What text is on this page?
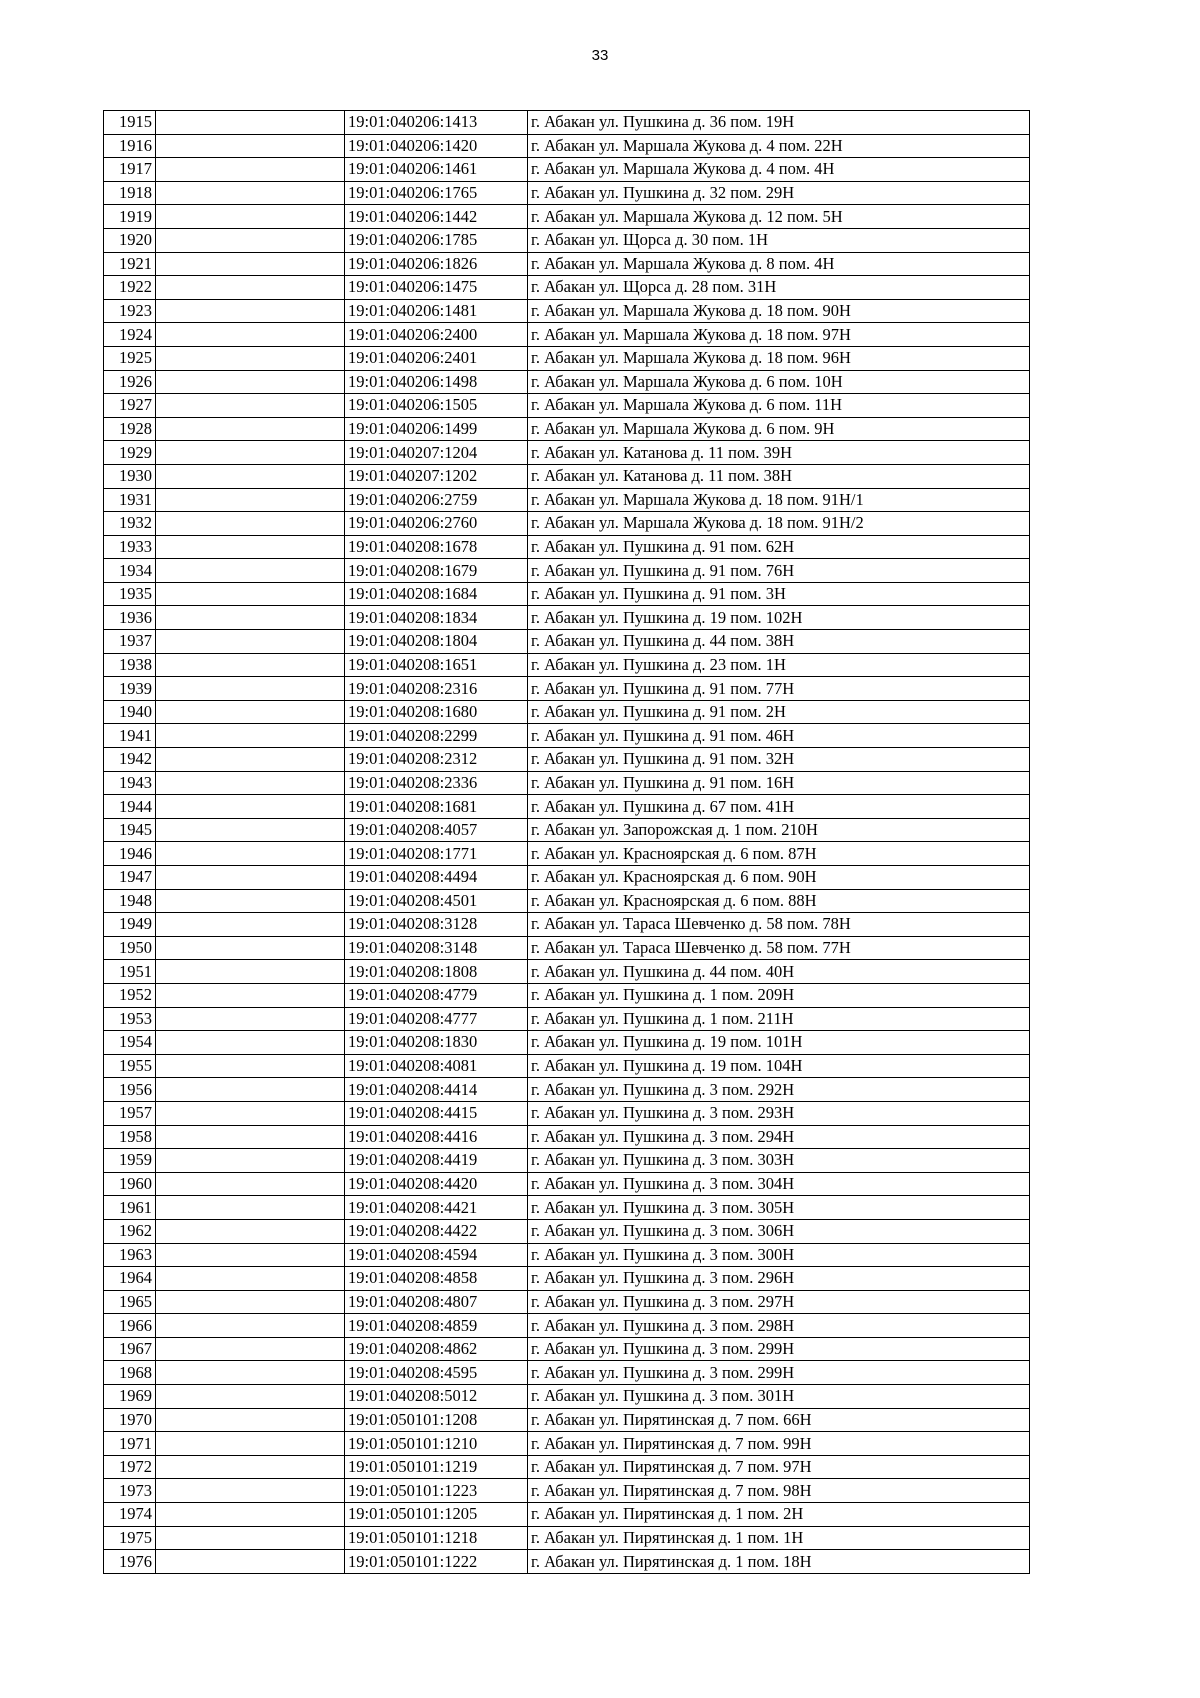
33
1915		19:01:040206:1413	г. Абакан ул. Пушкина д. 36 пом. 19Н
1916		19:01:040206:1420	г. Абакан ул. Маршала Жукова д. 4 пом. 22Н
1917		19:01:040206:1461	г. Абакан ул. Маршала Жукова д. 4 пом. 4Н
1918		19:01:040206:1765	г. Абакан ул. Пушкина д. 32 пом. 29Н
1919		19:01:040206:1442	г. Абакан ул. Маршала Жукова д. 12 пом. 5Н
1920		19:01:040206:1785	г. Абакан ул. Щорса д. 30 пом. 1Н
1921		19:01:040206:1826	г. Абакан ул. Маршала Жукова д. 8 пом. 4Н
1922		19:01:040206:1475	г. Абакан ул. Щорса д. 28 пом. 31Н
1923		19:01:040206:1481	г. Абакан ул. Маршала Жукова д. 18 пом. 90Н
1924		19:01:040206:2400	г. Абакан ул. Маршала Жукова д. 18 пом. 97Н
1925		19:01:040206:2401	г. Абакан ул. Маршала Жукова д. 18 пом. 96Н
1926		19:01:040206:1498	г. Абакан ул. Маршала Жукова д. 6 пом. 10Н
1927		19:01:040206:1505	г. Абакан ул. Маршала Жукова д. 6 пом. 11Н
1928		19:01:040206:1499	г. Абакан ул. Маршала Жукова д. 6 пом. 9Н
1929		19:01:040207:1204	г. Абакан ул. Катанова д. 11 пом. 39Н
1930		19:01:040207:1202	г. Абакан ул. Катанова д. 11 пом. 38Н
1931		19:01:040206:2759	г. Абакан ул. Маршала Жукова д. 18 пом. 91Н/1
1932		19:01:040206:2760	г. Абакан ул. Маршала Жукова д. 18 пом. 91Н/2
1933		19:01:040208:1678	г. Абакан ул. Пушкина д. 91 пом. 62Н
1934		19:01:040208:1679	г. Абакан ул. Пушкина д. 91 пом. 76Н
1935		19:01:040208:1684	г. Абакан ул. Пушкина д. 91 пом. 3Н
1936		19:01:040208:1834	г. Абакан ул. Пушкина д. 19 пом. 102Н
1937		19:01:040208:1804	г. Абакан ул. Пушкина д. 44 пом. 38Н
1938		19:01:040208:1651	г. Абакан ул. Пушкина д. 23 пом. 1Н
1939		19:01:040208:2316	г. Абакан ул. Пушкина д. 91 пом. 77Н
1940		19:01:040208:1680	г. Абакан ул. Пушкина д. 91 пом. 2Н
1941		19:01:040208:2299	г. Абакан ул. Пушкина д. 91 пом. 46Н
1942		19:01:040208:2312	г. Абакан ул. Пушкина д. 91 пом. 32Н
1943		19:01:040208:2336	г. Абакан ул. Пушкина д. 91 пом. 16Н
1944		19:01:040208:1681	г. Абакан ул. Пушкина д. 67 пом. 41Н
1945		19:01:040208:4057	г. Абакан ул. Запорожская д. 1 пом. 210Н
1946		19:01:040208:1771	г. Абакан ул. Красноярская д. 6 пом. 87Н
1947		19:01:040208:4494	г. Абакан ул. Красноярская д. 6 пом. 90Н
1948		19:01:040208:4501	г. Абакан ул. Красноярская д. 6 пом. 88Н
1949		19:01:040208:3128	г. Абакан ул. Тараса Шевченко д. 58 пом. 78Н
1950		19:01:040208:3148	г. Абакан ул. Тараса Шевченко д. 58 пом. 77Н
1951		19:01:040208:1808	г. Абакан ул. Пушкина д. 44 пом. 40Н
1952		19:01:040208:4779	г. Абакан ул. Пушкина д. 1 пом. 209Н
1953		19:01:040208:4777	г. Абакан ул. Пушкина д. 1 пом. 211Н
1954		19:01:040208:1830	г. Абакан ул. Пушкина д. 19 пом. 101Н
1955		19:01:040208:4081	г. Абакан ул. Пушкина д. 19 пом. 104Н
1956		19:01:040208:4414	г. Абакан ул. Пушкина д. 3 пом. 292Н
1957		19:01:040208:4415	г. Абакан ул. Пушкина д. 3 пом. 293Н
1958		19:01:040208:4416	г. Абакан ул. Пушкина д. 3 пом. 294Н
1959		19:01:040208:4419	г. Абакан ул. Пушкина д. 3 пом. 303Н
1960		19:01:040208:4420	г. Абакан ул. Пушкина д. 3 пом. 304Н
1961		19:01:040208:4421	г. Абакан ул. Пушкина д. 3 пом. 305Н
1962		19:01:040208:4422	г. Абакан ул. Пушкина д. 3 пом. 306Н
1963		19:01:040208:4594	г. Абакан ул. Пушкина д. 3 пом. 300Н
1964		19:01:040208:4858	г. Абакан ул. Пушкина д. 3 пом. 296Н
1965		19:01:040208:4807	г. Абакан ул. Пушкина д. 3 пом. 297Н
1966		19:01:040208:4859	г. Абакан ул. Пушкина д. 3 пом. 298Н
1967		19:01:040208:4862	г. Абакан ул. Пушкина д. 3 пом. 299Н
1968		19:01:040208:4595	г. Абакан ул. Пушкина д. 3 пом. 299Н
1969		19:01:040208:5012	г. Абакан ул. Пушкина д. 3 пом. 301Н
1970		19:01:050101:1208	г. Абакан ул. Пирятинская д. 7 пом. 66Н
1971		19:01:050101:1210	г. Абакан ул. Пирятинская д. 7 пом. 99Н
1972		19:01:050101:1219	г. Абакан ул. Пирятинская д. 7 пом. 97Н
1973		19:01:050101:1223	г. Абакан ул. Пирятинская д. 7 пом. 98Н
1974		19:01:050101:1205	г. Абакан ул. Пирятинская д. 1 пом. 2Н
1975		19:01:050101:1218	г. Абакан ул. Пирятинская д. 1 пом. 1Н
1976		19:01:050101:1222	г. Абакан ул. Пирятинская д. 1 пом. 18Н
